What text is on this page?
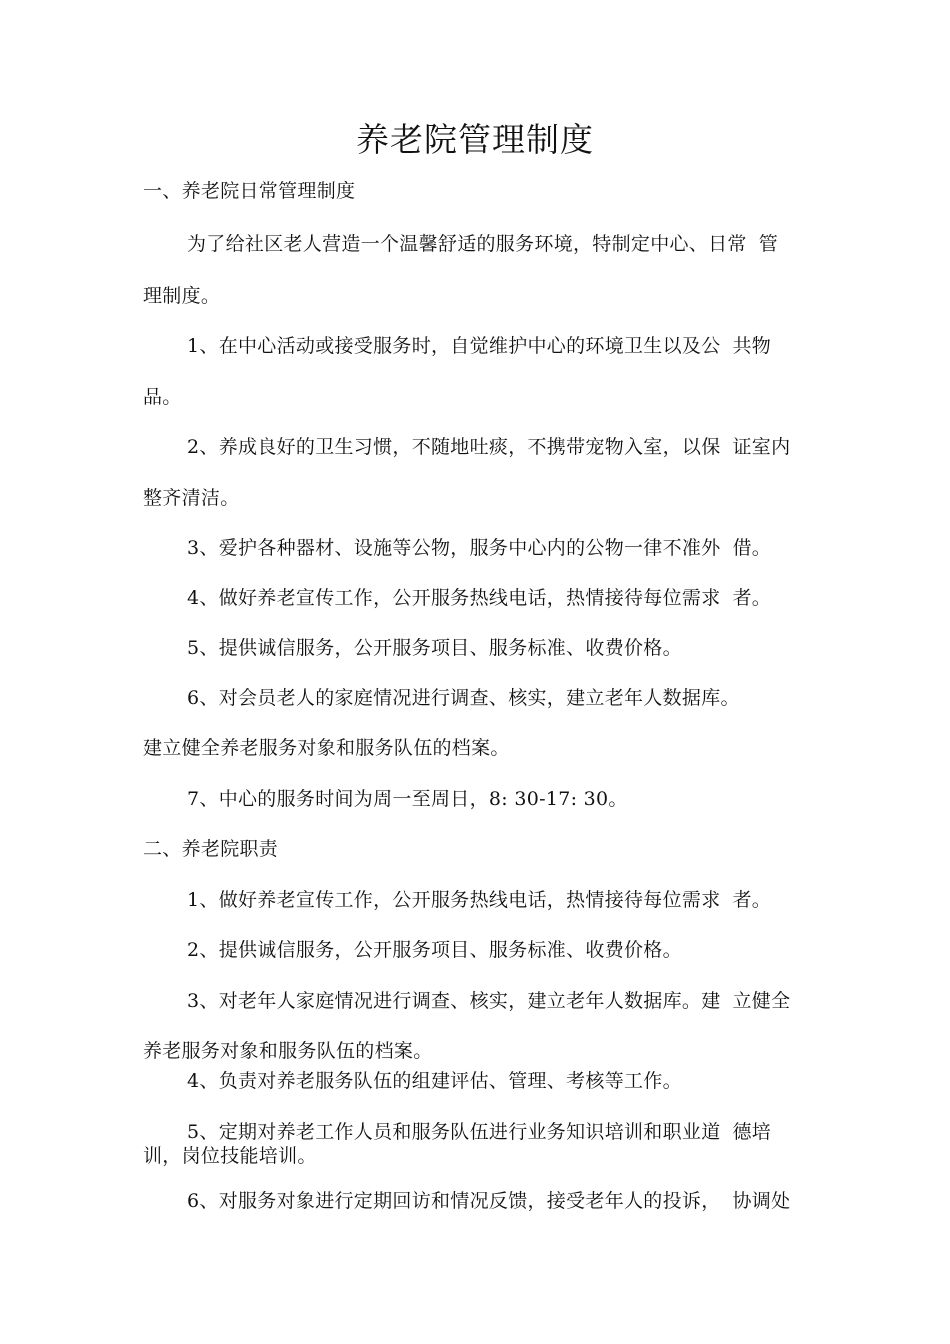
养老院管理制度
一、养老院日常管理制度
为了给社区老人营造一个温馨舒适的服务环境，特制定中心、日常 管
理制度。
1、在中心活动或接受服务时，自觉维护中心的环境卫生以及公 共物
品。
2、养成良好的卫生习惯，不随地吐痰，不携带宠物入室，以保 证室内
整齐清洁。
3、爱护各种器材、设施等公物，服务中心内的公物一律不准外 借。
4、做好养老宣传工作，公开服务热线电话，热情接待每位需求 者。
5、提供诚信服务，公开服务项目、服务标准、收费价格。
6、对会员老人的家庭情况进行调查、核实，建立老年人数据库。
建立健全养老服务对象和服务队伍的档案。
7、中心的服务时间为周一至周日，8: 30-17: 30。
二、养老院职责
1、做好养老宣传工作，公开服务热线电话，热情接待每位需求 者。
2、提供诚信服务，公开服务项目、服务标准、收费价格。
3、对老年人家庭情况进行调查、核实，建立老年人数据库。建 立健全
养老服务对象和服务队伍的档案。
4、负责对养老服务队伍的组建评估、管理、考核等工作。
5、定期对养老工作人员和服务队伍进行业务知识培训和职业道 德培
训，岗位技能培训。
6、对服务对象进行定期回访和情况反馈，接受老年人的投诉， 协调处
